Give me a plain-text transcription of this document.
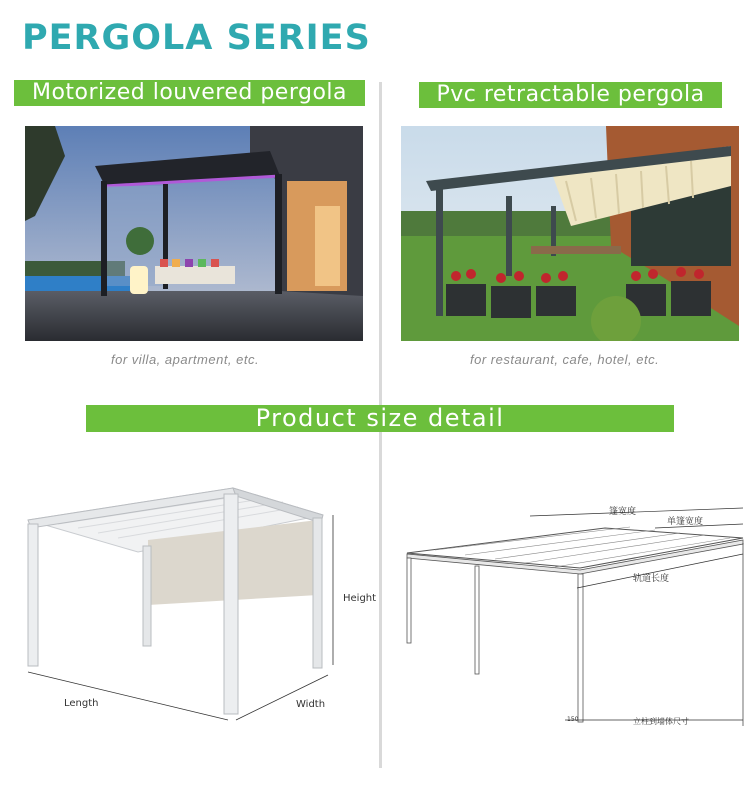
PERGOLA SERIES
Motorized louvered pergola	Pvc retractable pergola
for villa, apartment, etc.	for restaurant, cafe, hotel, etc.
Product size detail
Height
Length	Width
篷宽度
单篷宽度
轨道长度
立柱到墙体尺寸
150
